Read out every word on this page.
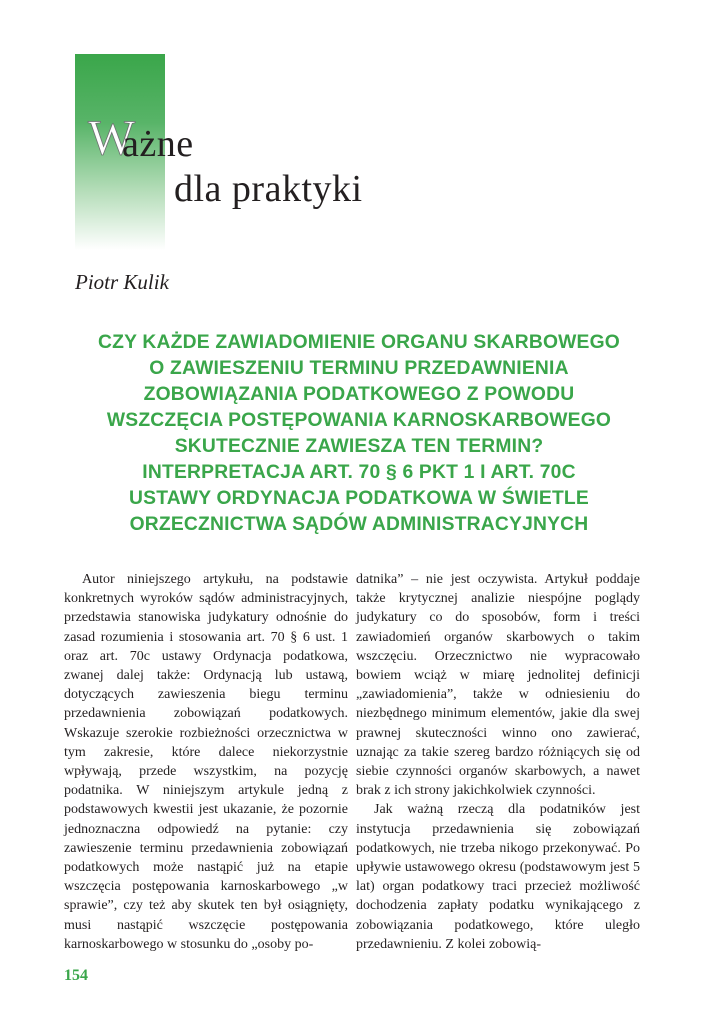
W
ażne
dla praktyki
Piotr Kulik
CZY KAŻDE ZAWIADOMIENIE ORGANU SKARBOWEGO
O ZAWIESZENIU TERMINU PRZEDAWNIENIA
ZOBOWIĄZANIA PODATKOWEGO Z POWODU
WSZCZĘCIA POSTĘPOWANIA KARNOSKARBOWEGO
SKUTECZNIE ZAWIESZA TEN TERMIN?
INTERPRETACJA ART. 70 § 6 PKT 1 I ART. 70C
USTAWY ORDYNACJA PODATKOWA W ŚWIETLE
ORZECZNICTWA SĄDÓW ADMINISTRACYJNYCH

Autor niniejszego artykułu, na podstawie konkretnych wyroków sądów administracyjnych, przedstawia stanowiska judykatury odnośnie do zasad rozumienia i stosowania art. 70 § 6 ust. 1 oraz art. 70c ustawy Ordynacja podatkowa, zwanej dalej także: Ordynacją lub ustawą, dotyczących zawieszenia biegu terminu przedawnienia zobowiązań podatkowych. Wskazuje szerokie rozbieżności orzecznictwa w tym zakresie, które dalece niekorzystnie wpływają, przede wszystkim, na pozycję podatnika. W niniejszym artykule jedną z podstawowych kwestii jest ukazanie, że pozornie jednoznaczna odpowiedź na pytanie: czy zawieszenie terminu przedawnienia zobowiązań podatkowych może nastąpić już na etapie wszczęcia postępowania karnoskarbowego „w sprawie”, czy też aby skutek ten był osiągnięty, musi nastąpić wszczęcie postępowania karnoskarbowego w stosunku do „osoby po-

datnika” – nie jest oczywista. Artykuł poddaje także krytycznej analizie niespójne poglądy judykatury co do sposobów, form i treści zawiadomień organów skarbowych o takim wszczęciu. Orzecznictwo nie wypracowało bowiem wciąż w miarę jednolitej definicji „zawiadomienia”, także w odniesieniu do niezbędnego minimum elementów, jakie dla swej prawnej skuteczności winno ono zawierać, uznając za takie szereg bardzo różniących się od siebie czynności organów skarbowych, a nawet brak z ich strony jakichkolwiek czynności.

Jak ważną rzeczą dla podatników jest instytucja przedawnienia się zobowiązań podatkowych, nie trzeba nikogo przekonywać. Po upływie ustawowego okresu (podstawowym jest 5 lat) organ podatkowy traci przecież możliwość dochodzenia zapłaty podatku wynikającego z zobowiązania podatkowego, które uległo przedawnieniu. Z kolei zobowią-

154
